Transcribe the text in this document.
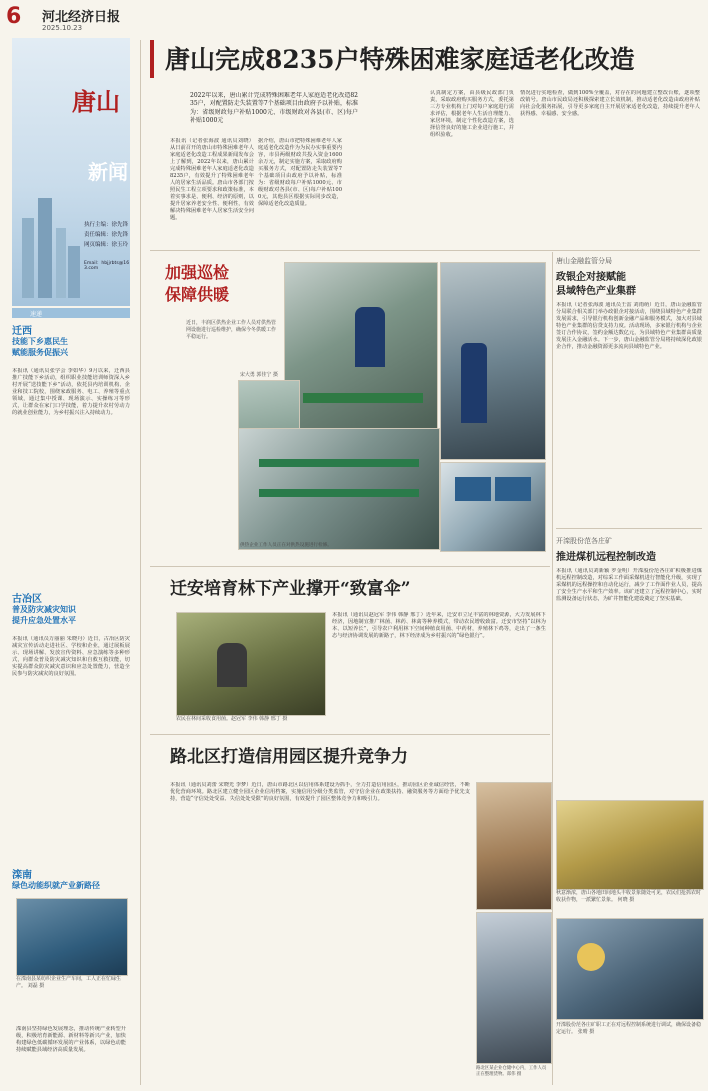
6	河北经济日报
2025.10.23
唐山
新闻
执行主编：徐先锋
责任编辑：徐先锋
网页编辑：徐玉玲
Email：hbjjrbts@163.com
速递
唐山完成8235户特殊困难家庭适老化改造
2022年以来，唐山累计完成特殊困难老年人家庭适老化改造8235户，对配置防走失装置等7个基础项目由政府予以补贴，标准为：省级财政每户补贴1000元、市级财政对各县(市、区)每户补贴1000元
本报讯（记者张海波 通讯员刘晓）从日前召开的唐山市特殊困难老年人家庭适老化改造工程成果新闻发布会上了解到，2022年以来，唐山累计完成特殊困难老年人家庭适老化改造8235户，有效提升了特殊困难老年人的居家生活品质。唐山市各部门按照民生工程立项要求和政策标准，本着实事求是、便利、经济的原则，以提升居家养老安全性、便利性，有效解决特殊困难老年人居家生活安全问题。
据介绍，唐山市把特殊困难老年人家庭适老化改造作为为民办实事重要内容，市县两级财政共投入资金1600余万元，制定实施方案，采取政府购买服务方式，对配置防走失装置等7个基础项目由政府予以补贴，标准为：省级财政每户补贴1000元、市级财政对各县(市、区)每户补贴1000元，其他县区根据实际同步改造，保障适老化改造质量。
认真制定方案，由县级民政部门负责，采取政府购买服务方式，委托第三方专业机构上门对每户家庭进行需求评估，根据老年人生活自理能力、家居环境，制定个性化改造方案，选择信誉良好的施工企业进行施工，并组织验收。
情况进行实地检查，做到100%全覆盖，对存在的问题建立整改台账，逐项整改销号。唐山市民政局还积极探索建立长效机制，推动适老化改造由政府补贴向社会化服务拓展，引导更多家庭自主开展居家适老化改造，持续提升老年人获得感、幸福感、安全感。
迁西
技能下乡惠民生
赋能服务促振兴
本报讯（通讯员张学会 李如华）9月以来，迁西县推广技能下乡活动，组织职业技能培训师资深入乡村开展“送技能下乡”活动，依托县内培训机构、企业和技工院校，围绕家政服务、电工、养殖等重点领域，通过集中授课、现场演示、实操练习等形式，让群众在家门口学技能，着力提升农村劳动力的就业创业能力，为乡村振兴注入持续动力。
古冶区
普及防灾减灾知识
提升应急处置水平
本报讯（通讯员万丽丽 朱晓丹）近日，古冶区防灾减灾宣传活动走进社区、学校和企业，通过展板展示、现场讲解、发放宣传资料、应急演练等多种形式，向群众普及防灾减灾知识和自救互救技能，切实提高群众防灾减灾意识和应急处置能力，营造全民参与防灾减灾的良好氛围。
滦南
绿色动能织就产业新路径
在滦南县某纺织企业生产车间，工人正在忙碌生产。 刘磊 摄
滦南县坚持绿色发展理念，推动传统产业转型升级，积极培育新能源、新材料等新兴产业，加快构建绿色低碳循环发展的产业体系，以绿色动能持续赋能县域经济高质量发展。
加强巡检
保障供暖
近日，丰润区供热企业工作人员对供热管网设施进行巡检维护，确保今冬供暖工作平稳运行。
宋大勇 郭佳宁 摄
供热企业工作人员正在对供热设施进行检修。
唐山金融监管分局
政银企对接赋能
县域特色产业集群
本报讯（记者张海波 通讯员王雷 刘雨萌）近日，唐山金融监管分局联合相关部门举办政银企对接活动，围绕县域特色产业集群发展需求，引导银行机构创新金融产品和服务模式，加大对县域特色产业集群的信贷支持力度。活动现场，多家银行机构与企业签订合作协议，签约金额达数亿元，为县域特色产业集群高质量发展注入金融活水。下一步，唐山金融监管分局将持续深化政银企合作，推动金融资源更多流向县域特色产业。
开滦股份范各庄矿
推进煤机远程控制改造
本报讯（通讯员刘新颖 罗金明）开滦股份范各庄矿积极推进煤机远程控制改造，对综采工作面采煤机进行智能化升级，实现了采煤机的远程操控和自动化运行，减少了工作面作业人员，提高了安全生产水平和生产效率。该矿还建立了远程控制中心，实时监测设备运行状态，为矿井智能化建设奠定了坚实基础。
秋意渐浓，唐山各地田间地头丰收景象随处可见，农民们抢抓农时收获作物，一派繁忙景象。 何晓 摄
开滦股份范各庄矿职工正在对远程控制系统进行调试，确保设备稳定运行。 张晴 摄
迁安培育林下产业撑开“致富伞”
农民在林间采收食用菌。赵冠军 李伟 韩静 邢丁 摄
本报讯（通讯员赵冠军 李伟 韩静 邢丁）近年来，迁安市立足丰富的林地资源，大力发展林下经济，因地制宜推广林菌、林药、林禽等种养模式，带动农民增收致富。迁安市坚持“以林为本、以短养长”，引导农户利用林下空间种植食用菌、中药材，养殖林下鸡等，走出了一条生态与经济协调发展的新路子，林下经济成为乡村振兴的“绿色银行”。
路北区打造信用园区提升竞争力
本报讯（通讯员刘蕾 宋晓光 李梦）近日，唐山市路北区以信用体系建设为抓手，全力打造信用园区，推动园区企业诚信经营，不断优化营商环境。路北区建立健全园区企业信用档案，实施信用分级分类监管，对守信企业在政策扶持、融资服务等方面给予优先支持，营造“守信处处受益、失信处处受限”的良好氛围，有效提升了园区整体竞争力和吸引力。
路北区某企业仓储中心内，工作人员正在整理货物。郑伟 摄
